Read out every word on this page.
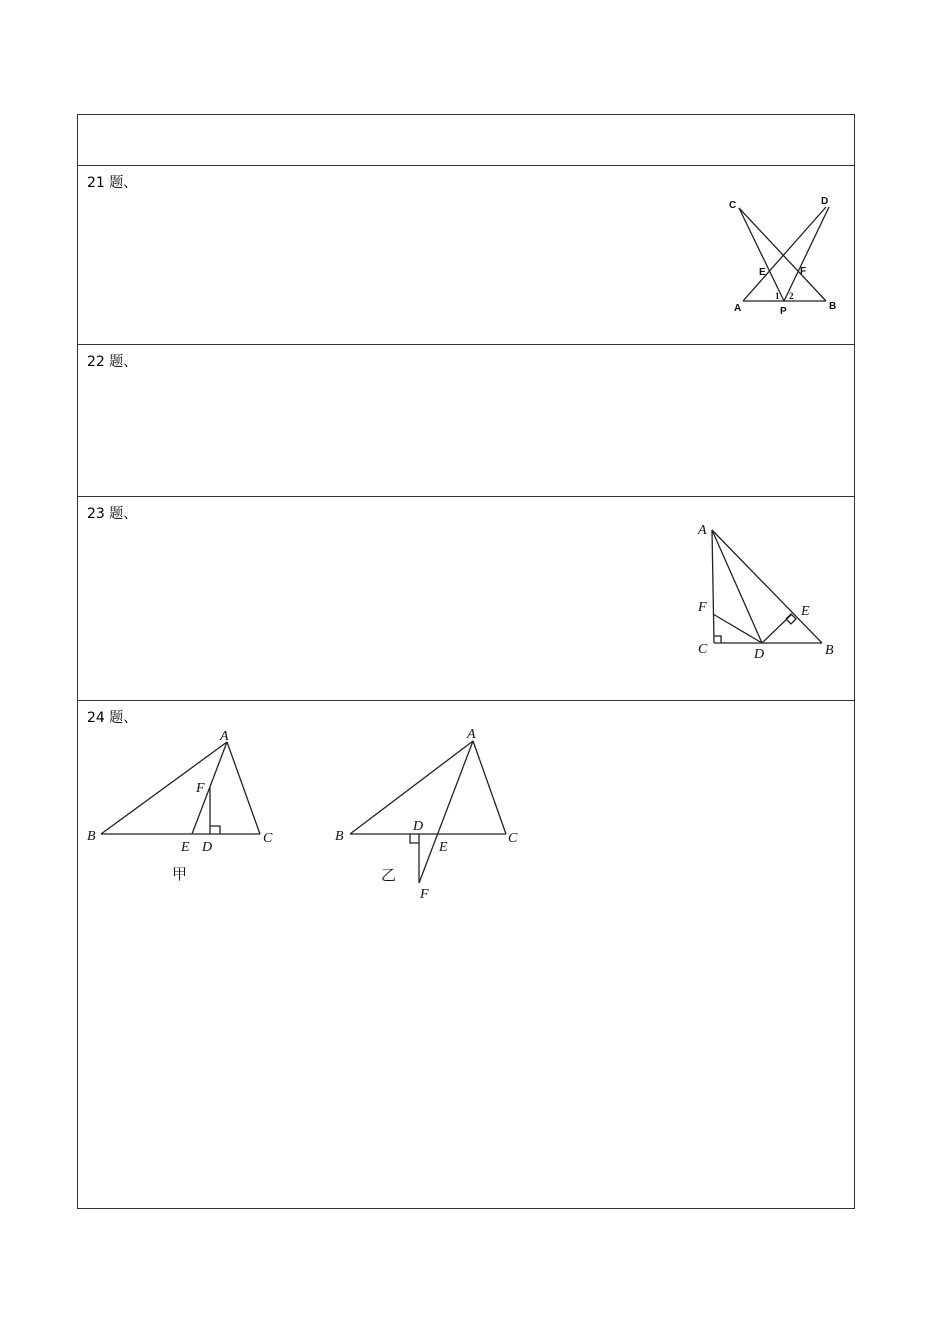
21 题、
22 题、
23 题、
24 题、
C	D
E	F
A	B
P
1 2
A
F	E
C	D	B
A
F
B
E D
C
甲
A
B
D
E
C
F
乙
